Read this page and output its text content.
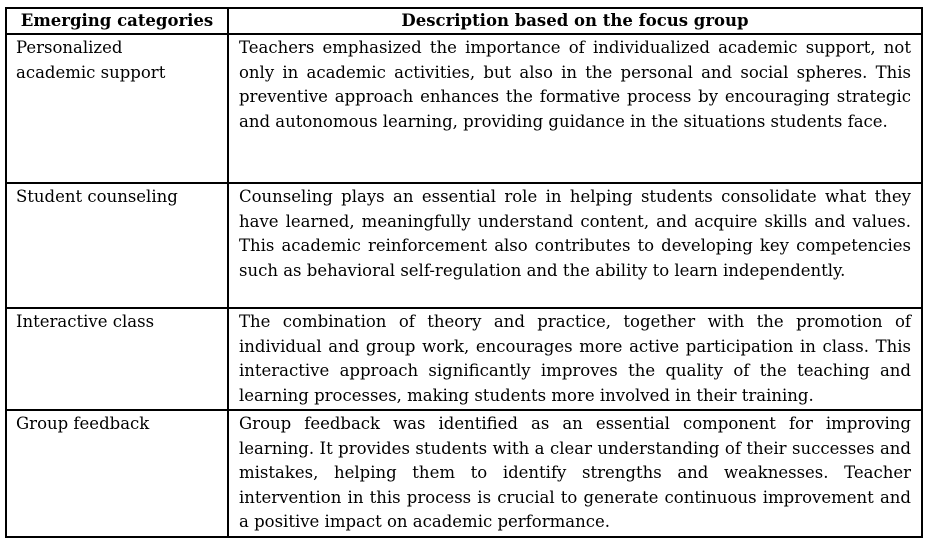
Emerging categories	Description based on the focus group
Personalized academic support	Teachers emphasized the importance of individualized academic support, not only in academic activities, but also in the personal and social spheres. This preventive approach enhances the formative process by encouraging strategic and autonomous learning, providing guidance in the situations students face.
Student counseling	Counseling plays an essential role in helping students consolidate what they have learned, meaningfully understand content, and acquire skills and values. This academic reinforcement also contributes to developing key competencies such as behavioral self-regulation and the ability to learn independently.
Interactive class	The combination of theory and practice, together with the promotion of individual and group work, encourages more active participation in class. This interactive approach significantly improves the quality of the teaching and learning processes, making students more involved in their training.
Group feedback	Group feedback was identified as an essential component for improving learning. It provides students with a clear understanding of their successes and mistakes, helping them to identify strengths and weaknesses. Teacher intervention in this process is crucial to generate continuous improvement and a positive impact on academic performance.
